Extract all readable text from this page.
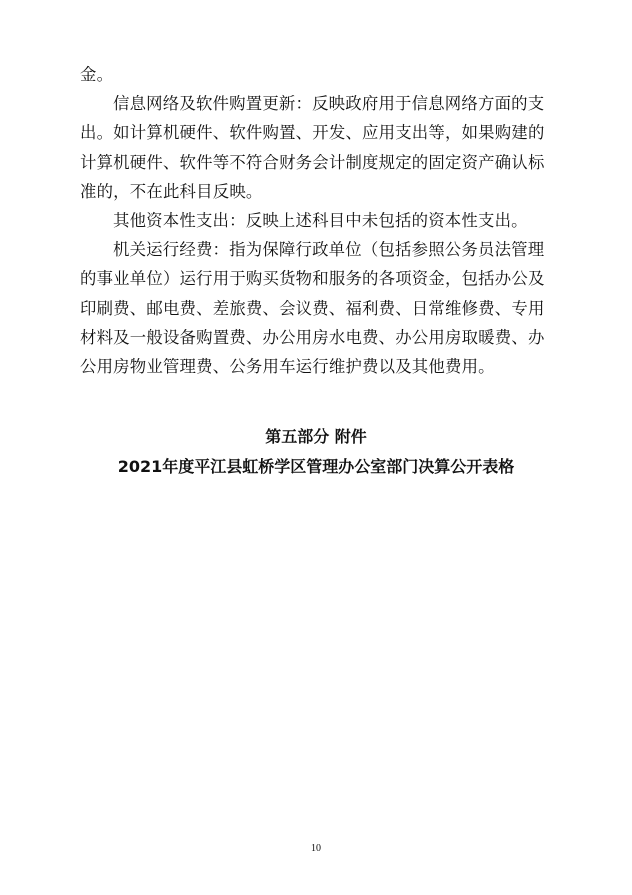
金。

信息网络及软件购置更新：反映政府用于信息网络方面的支出。如计算机硬件、软件购置、开发、应用支出等，如果购建的计算机硬件、软件等不符合财务会计制度规定的固定资产确认标准的，不在此科目反映。

其他资本性支出：反映上述科目中未包括的资本性支出。

机关运行经费：指为保障行政单位（包括参照公务员法管理的事业单位）运行用于购买货物和服务的各项资金，包括办公及印刷费、邮电费、差旅费、会议费、福利费、日常维修费、专用材料及一般设备购置费、办公用房水电费、办公用房取暖费、办公用房物业管理费、公务用车运行维护费以及其他费用。

第五部分 附件
2021年度平江县虹桥学区管理办公室部门决算公开表格
10
